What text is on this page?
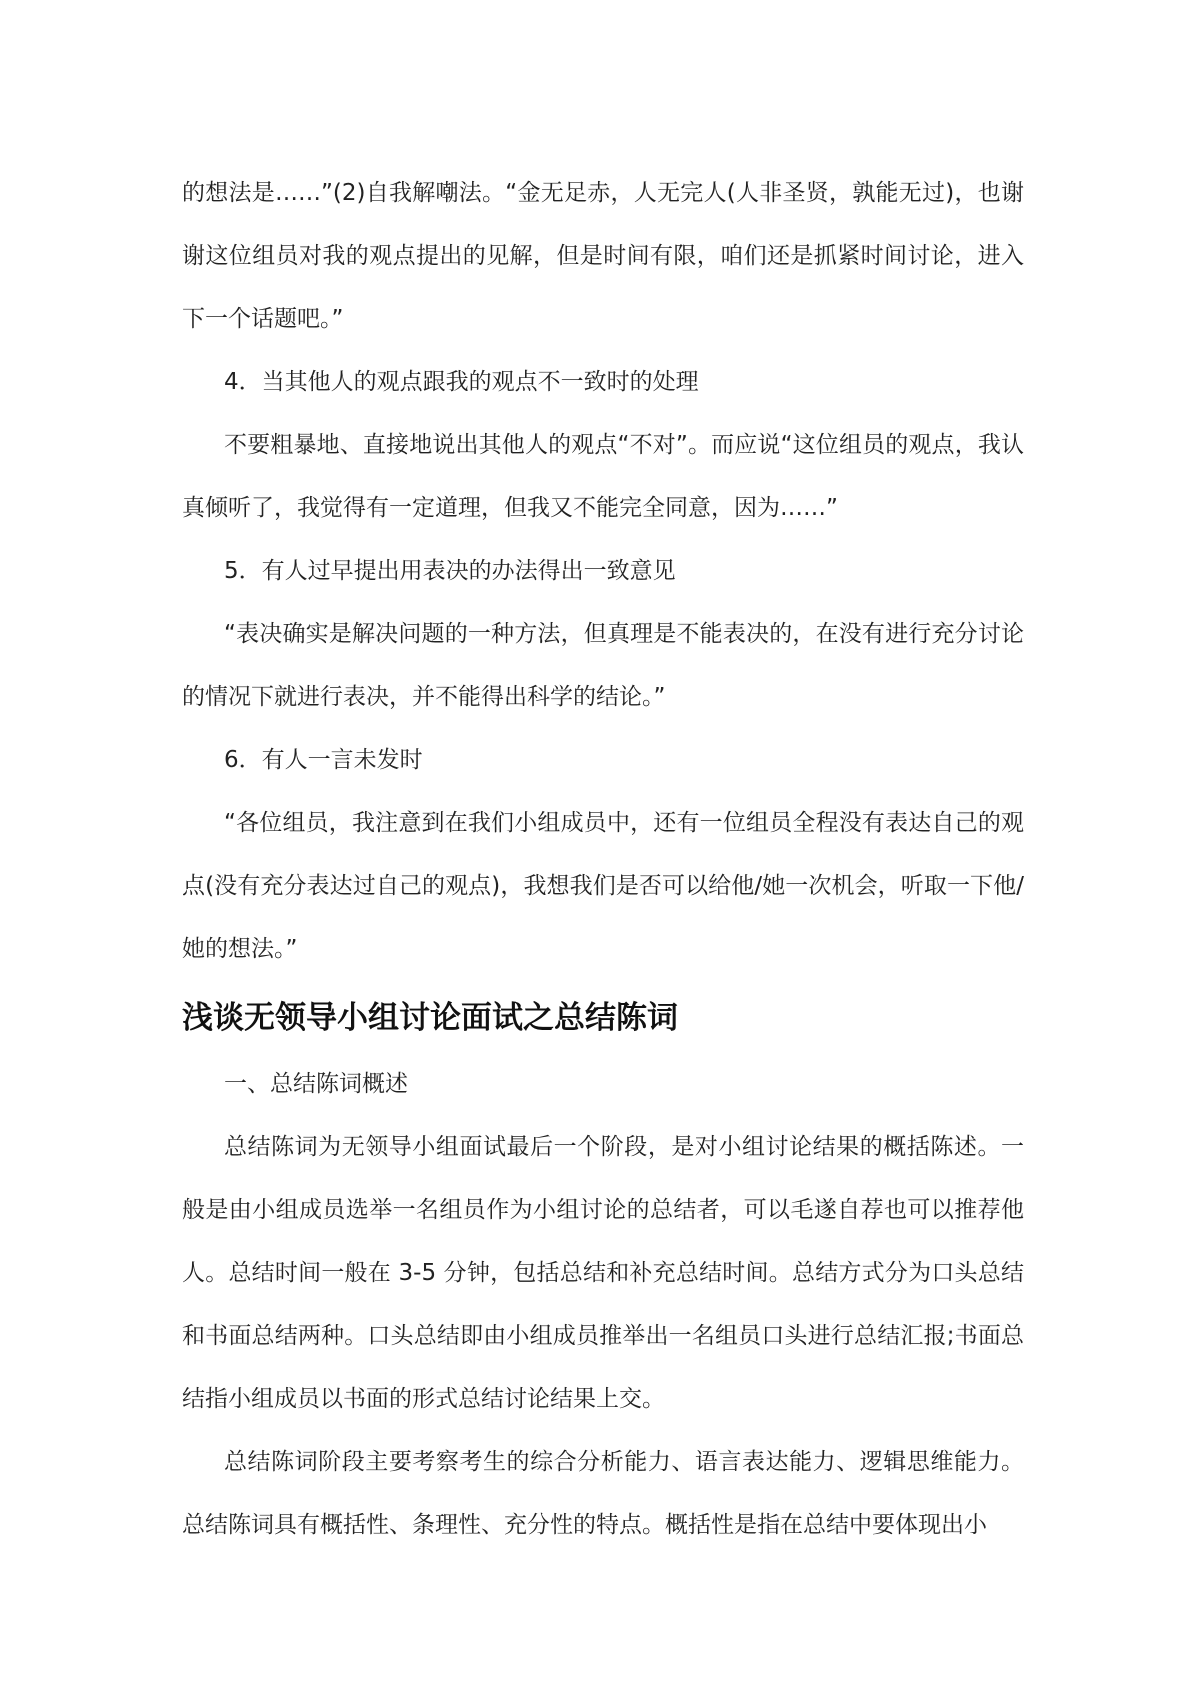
的想法是……”(2)自我解嘲法。“金无足赤，人无完人(人非圣贤，孰能无过)，也谢谢这位组员对我的观点提出的见解，但是时间有限，咱们还是抓紧时间讨论，进入下一个话题吧。”

4．当其他人的观点跟我的观点不一致时的处理

不要粗暴地、直接地说出其他人的观点“不对”。而应说“这位组员的观点，我认真倾听了，我觉得有一定道理，但我又不能完全同意，因为……”

5．有人过早提出用表决的办法得出一致意见

“表决确实是解决问题的一种方法，但真理是不能表决的，在没有进行充分讨论的情况下就进行表决，并不能得出科学的结论。”

6．有人一言未发时

“各位组员，我注意到在我们小组成员中，还有一位组员全程没有表达自己的观点(没有充分表达过自己的观点)，我想我们是否可以给他/她一次机会，听取一下他/她的想法。”

浅谈无领导小组讨论面试之总结陈词

一、总结陈词概述

总结陈词为无领导小组面试最后一个阶段，是对小组讨论结果的概括陈述。一般是由小组成员选举一名组员作为小组讨论的总结者，可以毛遂自荐也可以推荐他人。总结时间一般在 3-5 分钟，包括总结和补充总结时间。总结方式分为口头总结和书面总结两种。口头总结即由小组成员推举出一名组员口头进行总结汇报;书面总结指小组成员以书面的形式总结讨论结果上交。

总结陈词阶段主要考察考生的综合分析能力、语言表达能力、逻辑思维能力。总结陈词具有概括性、条理性、充分性的特点。概括性是指在总结中要体现出小
